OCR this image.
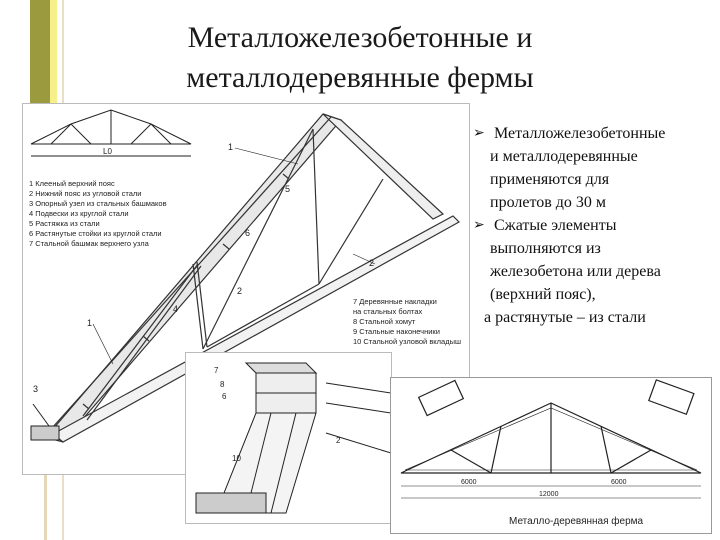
Металложелезобетонные и
металлодеревянные фермы
L0
1 Клееный верхний пояс
2 Нижний пояс из угловой стали
3 Опорный узел из стальных башмаков
4 Подвески из круглой стали
5 Растяжка из стали
6 Растянутые стойки из круглой стали
7 Стальной башмак верхнего узла
7 Деревянные накладки
на стальных болтах
8 Стальной хомут
9 Стальные наконечники
10 Стальной узловой вкладыш
1
2
3
4
5
6
2
1
7
8
6
10
2
6000	6000
12000
Металло-деревянная ферма
➢ Металложелезобетонные
и металлодеревянные
применяются для
пролетов до 30 м
➢ Сжатые элементы
выполняются из
железобетона или дерева
(верхний пояс),
а растянутые – из стали
